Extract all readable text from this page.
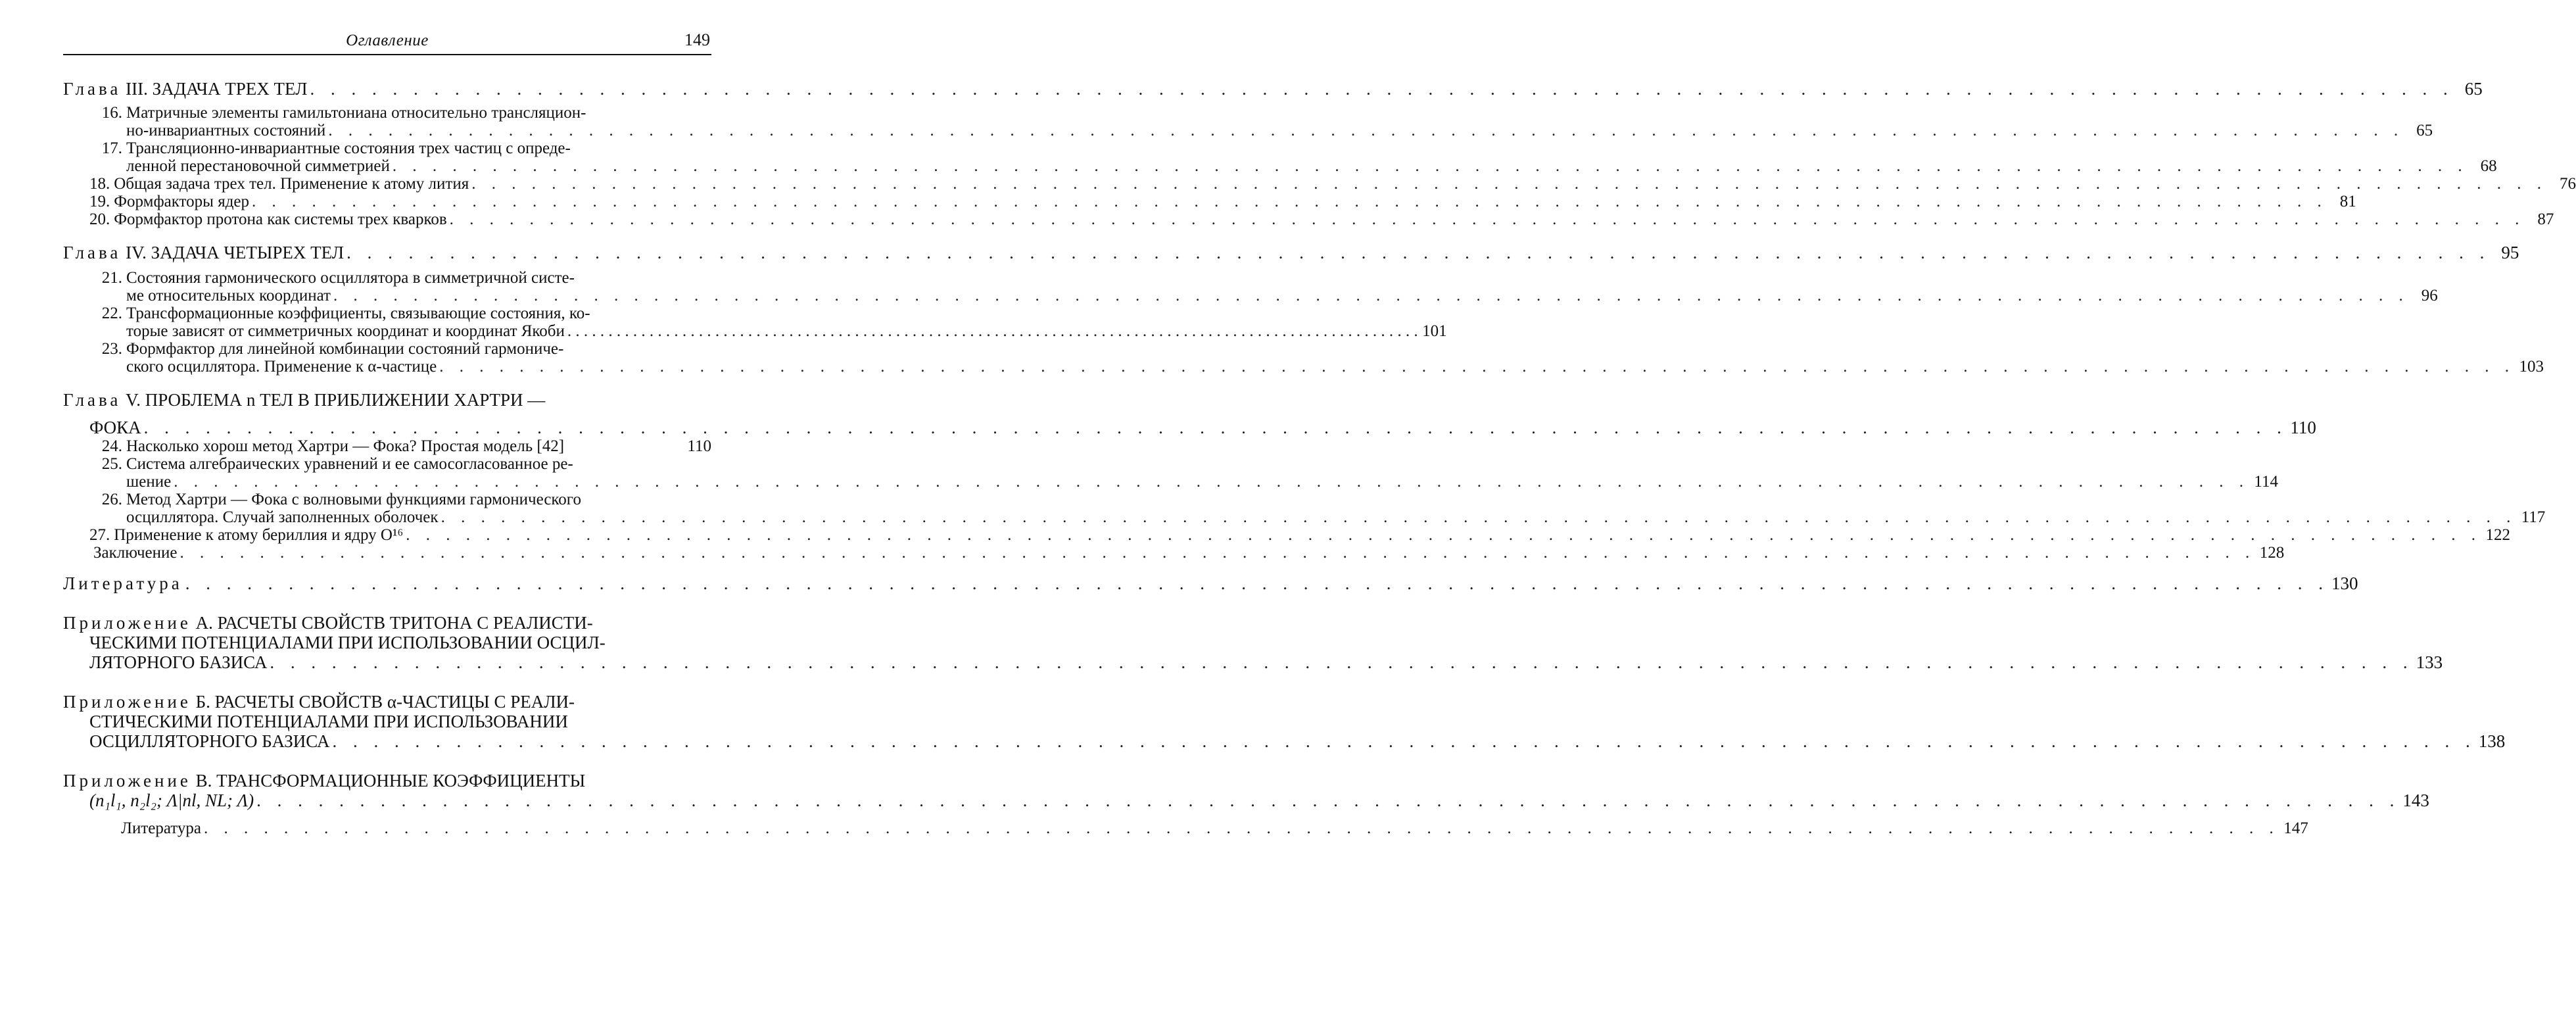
Оглавление	149
Глава III. ЗАДАЧА ТРЕХ ТЕЛ . . .	65
16. Матричные элементы гамильтониана относительно трансляцион-
но-инвариантных состояний . . .	65
17. Трансляционно-инвариантные состояния трех частиц с опреде-
ленной перестановочной симметрией . . .	68
18. Общая задача трех тел. Применение к атому лития . . .	76
19. Формфакторы ядер . . .	81
20. Формфактор протона как системы трех кварков . . .	87
Глава IV. ЗАДАЧА ЧЕТЫРЕХ ТЕЛ . . .	95
21. Состояния гармонического осциллятора в симметричной систе-
ме относительных координат . . .	96
22. Трансформационные коэффициенты, связывающие состояния, ко-
торые зависят от симметричных координат и координат Якоби . . .	101
23. Формфактор для линейной комбинации состояний гармониче-
ского осциллятора. Применение к α-частице . . .	103
Глава V. ПРОБЛЕМА n ТЕЛ В ПРИБЛИЖЕНИИ ХАРТРИ —
ФОКА . . .	110
24. Насколько хорош метод Хартри — Фока? Простая модель [42]	110
25. Система алгебраических уравнений и ее самосогласованное ре-
шение . . .	114
26. Метод Хартри — Фока с волновыми функциями гармонического
осциллятора. Случай заполненных оболочек . . .	117
27. Применение к атому бериллия и ядру O¹⁶ . . .	122
Заключение . . .	128
Литература . . .	130
Приложение А. РАСЧЕТЫ СВОЙСТВ ТРИТОНА С РЕАЛИСТИ-
ЧЕСКИМИ ПОТЕНЦИАЛАМИ ПРИ ИСПОЛЬЗОВАНИИ ОСЦИЛ-
ЛЯТОРНОГО БАЗИСА . . .	133
Приложение Б. РАСЧЕТЫ СВОЙСТВ α-ЧАСТИЦЫ С РЕАЛИ-
СТИЧЕСКИМИ ПОТЕНЦИАЛАМИ ПРИ ИСПОЛЬЗОВАНИИ
ОСЦИЛЛЯТОРНОГО БАЗИСА . . .	138
Приложение В. ТРАНСФОРМАЦИОННЫЕ КОЭФФИЦИЕНТЫ
(n₁l₁, n₂l₂; Λ|nl, NL; Λ) . . .	143
Литература . . .	147
